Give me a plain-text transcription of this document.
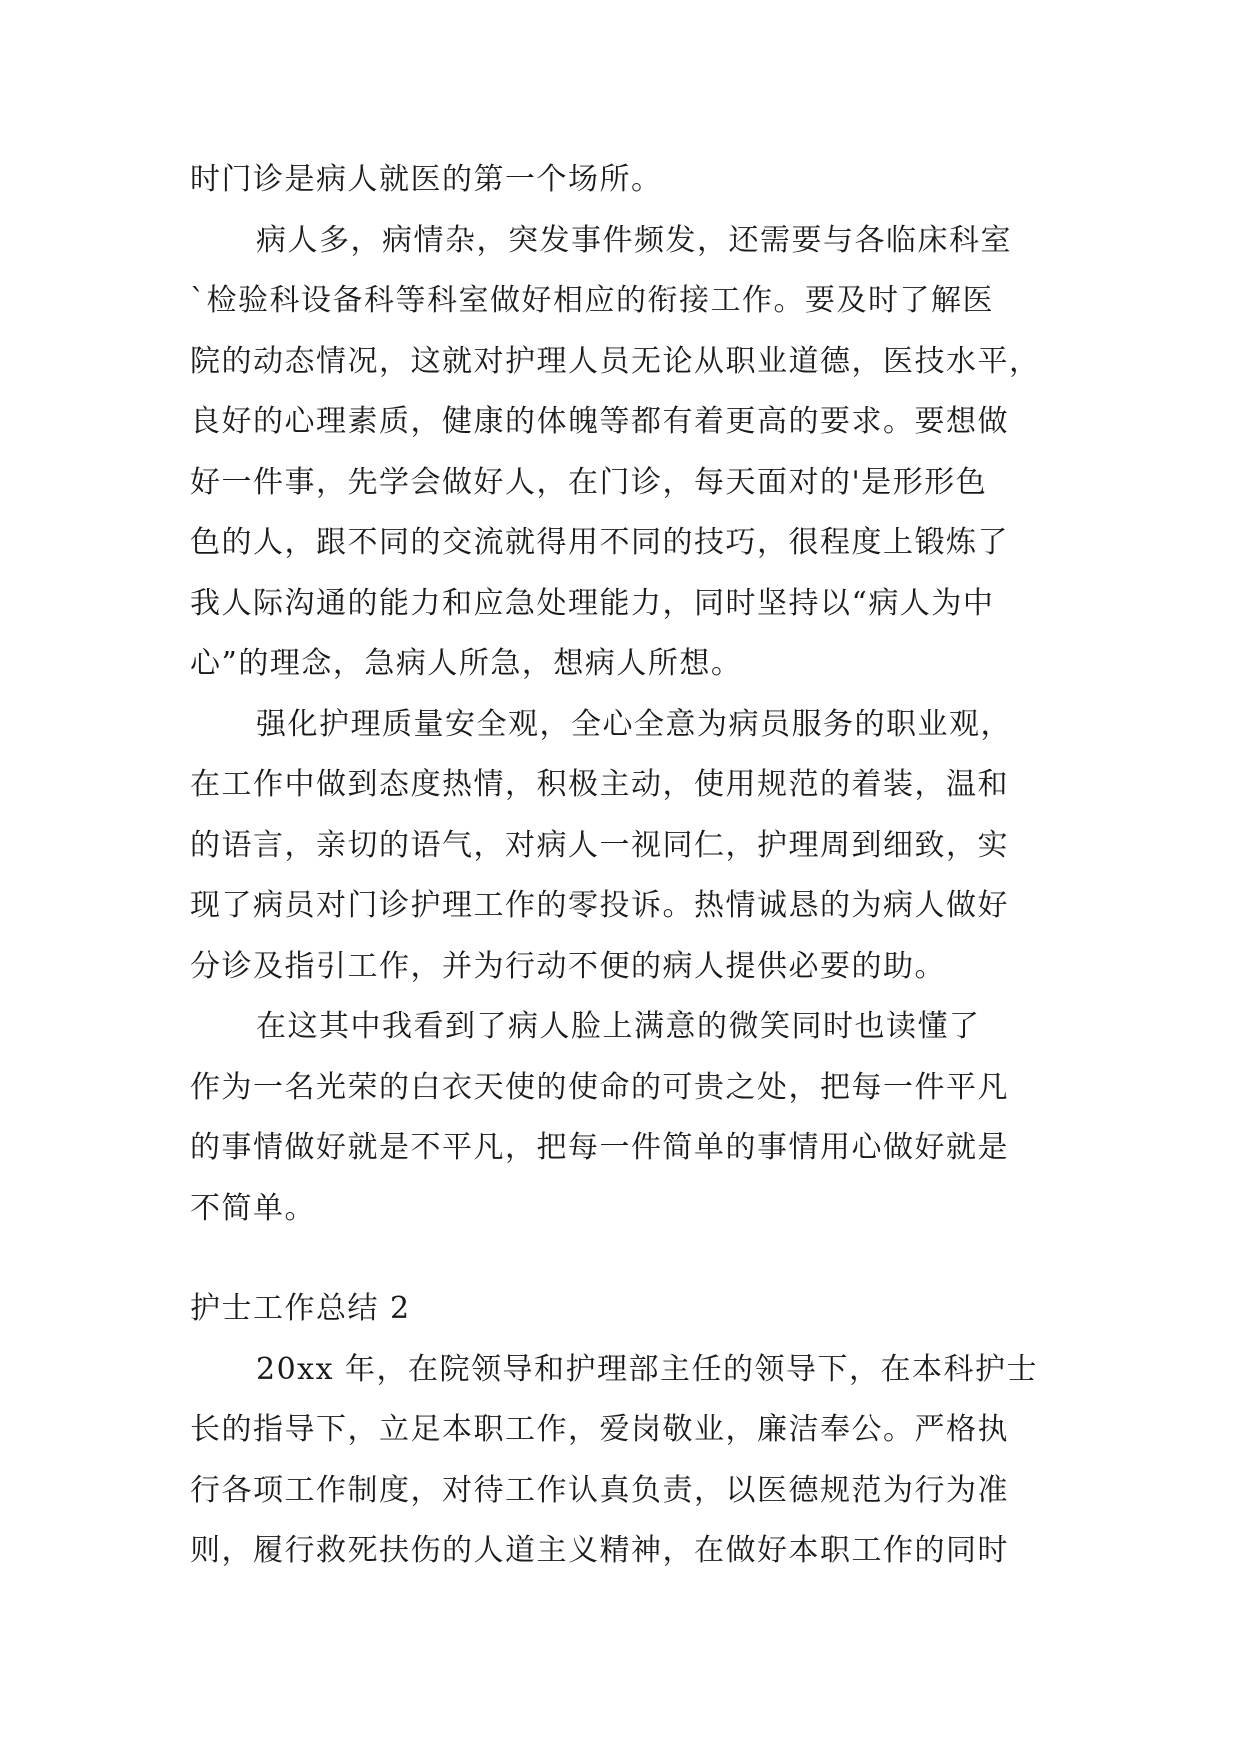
时门诊是病人就医的第一个场所。
病人多，病情杂，突发事件频发，还需要与各临床科室
`检验科设备科等科室做好相应的衔接工作。要及时了解医
院的动态情况，这就对护理人员无论从职业道德，医技水平，
良好的心理素质，健康的体魄等都有着更高的要求。要想做
好一件事，先学会做好人，在门诊，每天面对的'是形形色
色的人，跟不同的交流就得用不同的技巧，很程度上锻炼了
我人际沟通的能力和应急处理能力，同时坚持以“病人为中
心”的理念，急病人所急，想病人所想。
强化护理质量安全观，全心全意为病员服务的职业观，
在工作中做到态度热情，积极主动，使用规范的着装，温和
的语言，亲切的语气，对病人一视同仁，护理周到细致，实
现了病员对门诊护理工作的零投诉。热情诚恳的为病人做好
分诊及指引工作，并为行动不便的病人提供必要的助。
在这其中我看到了病人脸上满意的微笑同时也读懂了
作为一名光荣的白衣天使的使命的可贵之处，把每一件平凡
的事情做好就是不平凡，把每一件简单的事情用心做好就是
不简单。
护士工作总结 2
20xx 年，在院领导和护理部主任的领导下，在本科护士
长的指导下，立足本职工作，爱岗敬业，廉洁奉公。严格执
行各项工作制度，对待工作认真负责，以医德规范为行为准
则，履行救死扶伤的人道主义精神，在做好本职工作的同时
